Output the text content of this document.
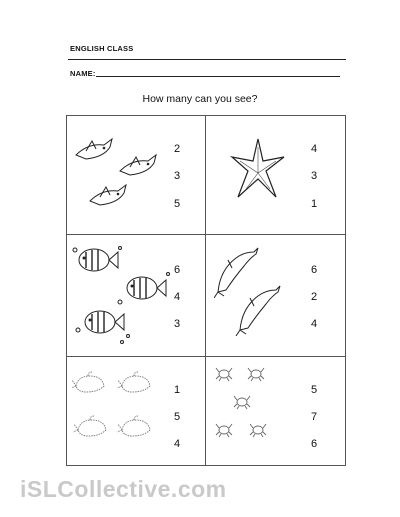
ENGLISH CLASS
NAME:
How many can you see?
2
3
5
4
3
1
6
4
3
6
2
4
1
5
4
5
7
6
iSLCollective.com
